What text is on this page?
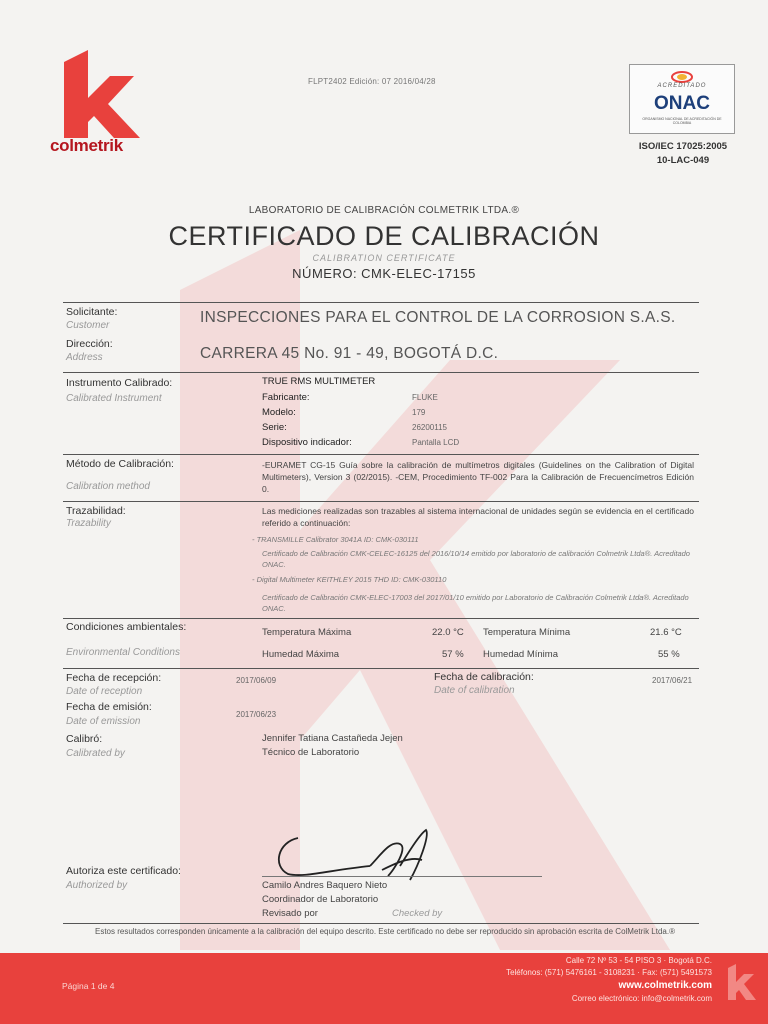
colmetrik
FLPT2402 Edición: 07 2016/04/28	ACREDITADO
ONAC
ORGANISMO NACIONAL DE ACREDITACIÓN DE COLOMBIA
ISO/IEC 17025:2005
10-LAC-049
LABORATORIO DE CALIBRACIÓN COLMETRIK LTDA.®
CERTIFICADO DE CALIBRACIÓN
CALIBRATION CERTIFICATE
NÚMERO: CMK-ELEC-17155
Solicitante:
Customer	INSPECCIONES PARA EL CONTROL DE LA CORROSION S.A.S.
Dirección:
Address	CARRERA 45 No. 91 - 49, BOGOTÁ D.C.
Instrumento Calibrado:
Calibrated Instrument
TRUE RMS MULTIMETER
Fabricante:	FLUKE
Modelo:	179
Serie:	26200115
Dispositivo indicador:	Pantalla LCD
Método de Calibración:
Calibration method
-EURAMET CG-15 Guía sobre la calibración de multímetros digitales (Guidelines on the Calibration of Digital Multimeters), Version 3 (02/2015). -CEM, Procedimiento TF-002 Para la Calibración de Frecuencímetros Edición 0.
Trazabilidad:
Trazability
Las mediciones realizadas son trazables al sistema internacional de unidades según se evidencia en el certificado referido a continuación:
- TRANSMILLE Calibrator 3041A ID: CMK-030111
Certificado de Calibración CMK-CELEC-16125 del 2016/10/14 emitido por laboratorio de calibración Colmetrik Ltda®. Acreditado ONAC.
- Digital Multimeter KEITHLEY 2015 THD ID: CMK-030110
Certificado de Calibración CMK-ELEC-17003 del 2017/01/10 emitido por Laboratorio de Calibración Colmetrik Ltda®. Acreditado ONAC.
Condiciones ambientales:
Environmental Conditions
Temperatura Máxima	22.0 °C Temperatura Mínima	21.6 °C
Humedad Máxima	57 % Humedad Mínima	55 %
Fecha de recepción:
Date of reception
2017/06/09	Fecha de calibración:
Date of calibration
2017/06/21
Fecha de emisión:
Date of emission
2017/06/23
Calibró:
Calibrated by
Jennifer Tatiana Castañeda Jejen
Técnico de Laboratorio
Autoriza este certificado:
Authorized by	Camilo Andres Baquero Nieto
Coordinador de Laboratorio
Revisado por	Checked by
Estos resultados corresponden únicamente a la calibración del equipo descrito. Este certificado no debe ser reproducido sin aprobación escrita de ColMetrik Ltda.®
Página 1 de 4
Calle 72 Nº 53 - 54 PISO 3 · Bogotá D.C.
Teléfonos: (571) 5476161 - 3108231 · Fax: (571) 5491573
www.colmetrik.com
Correo electrónico: info@colmetrik.com
